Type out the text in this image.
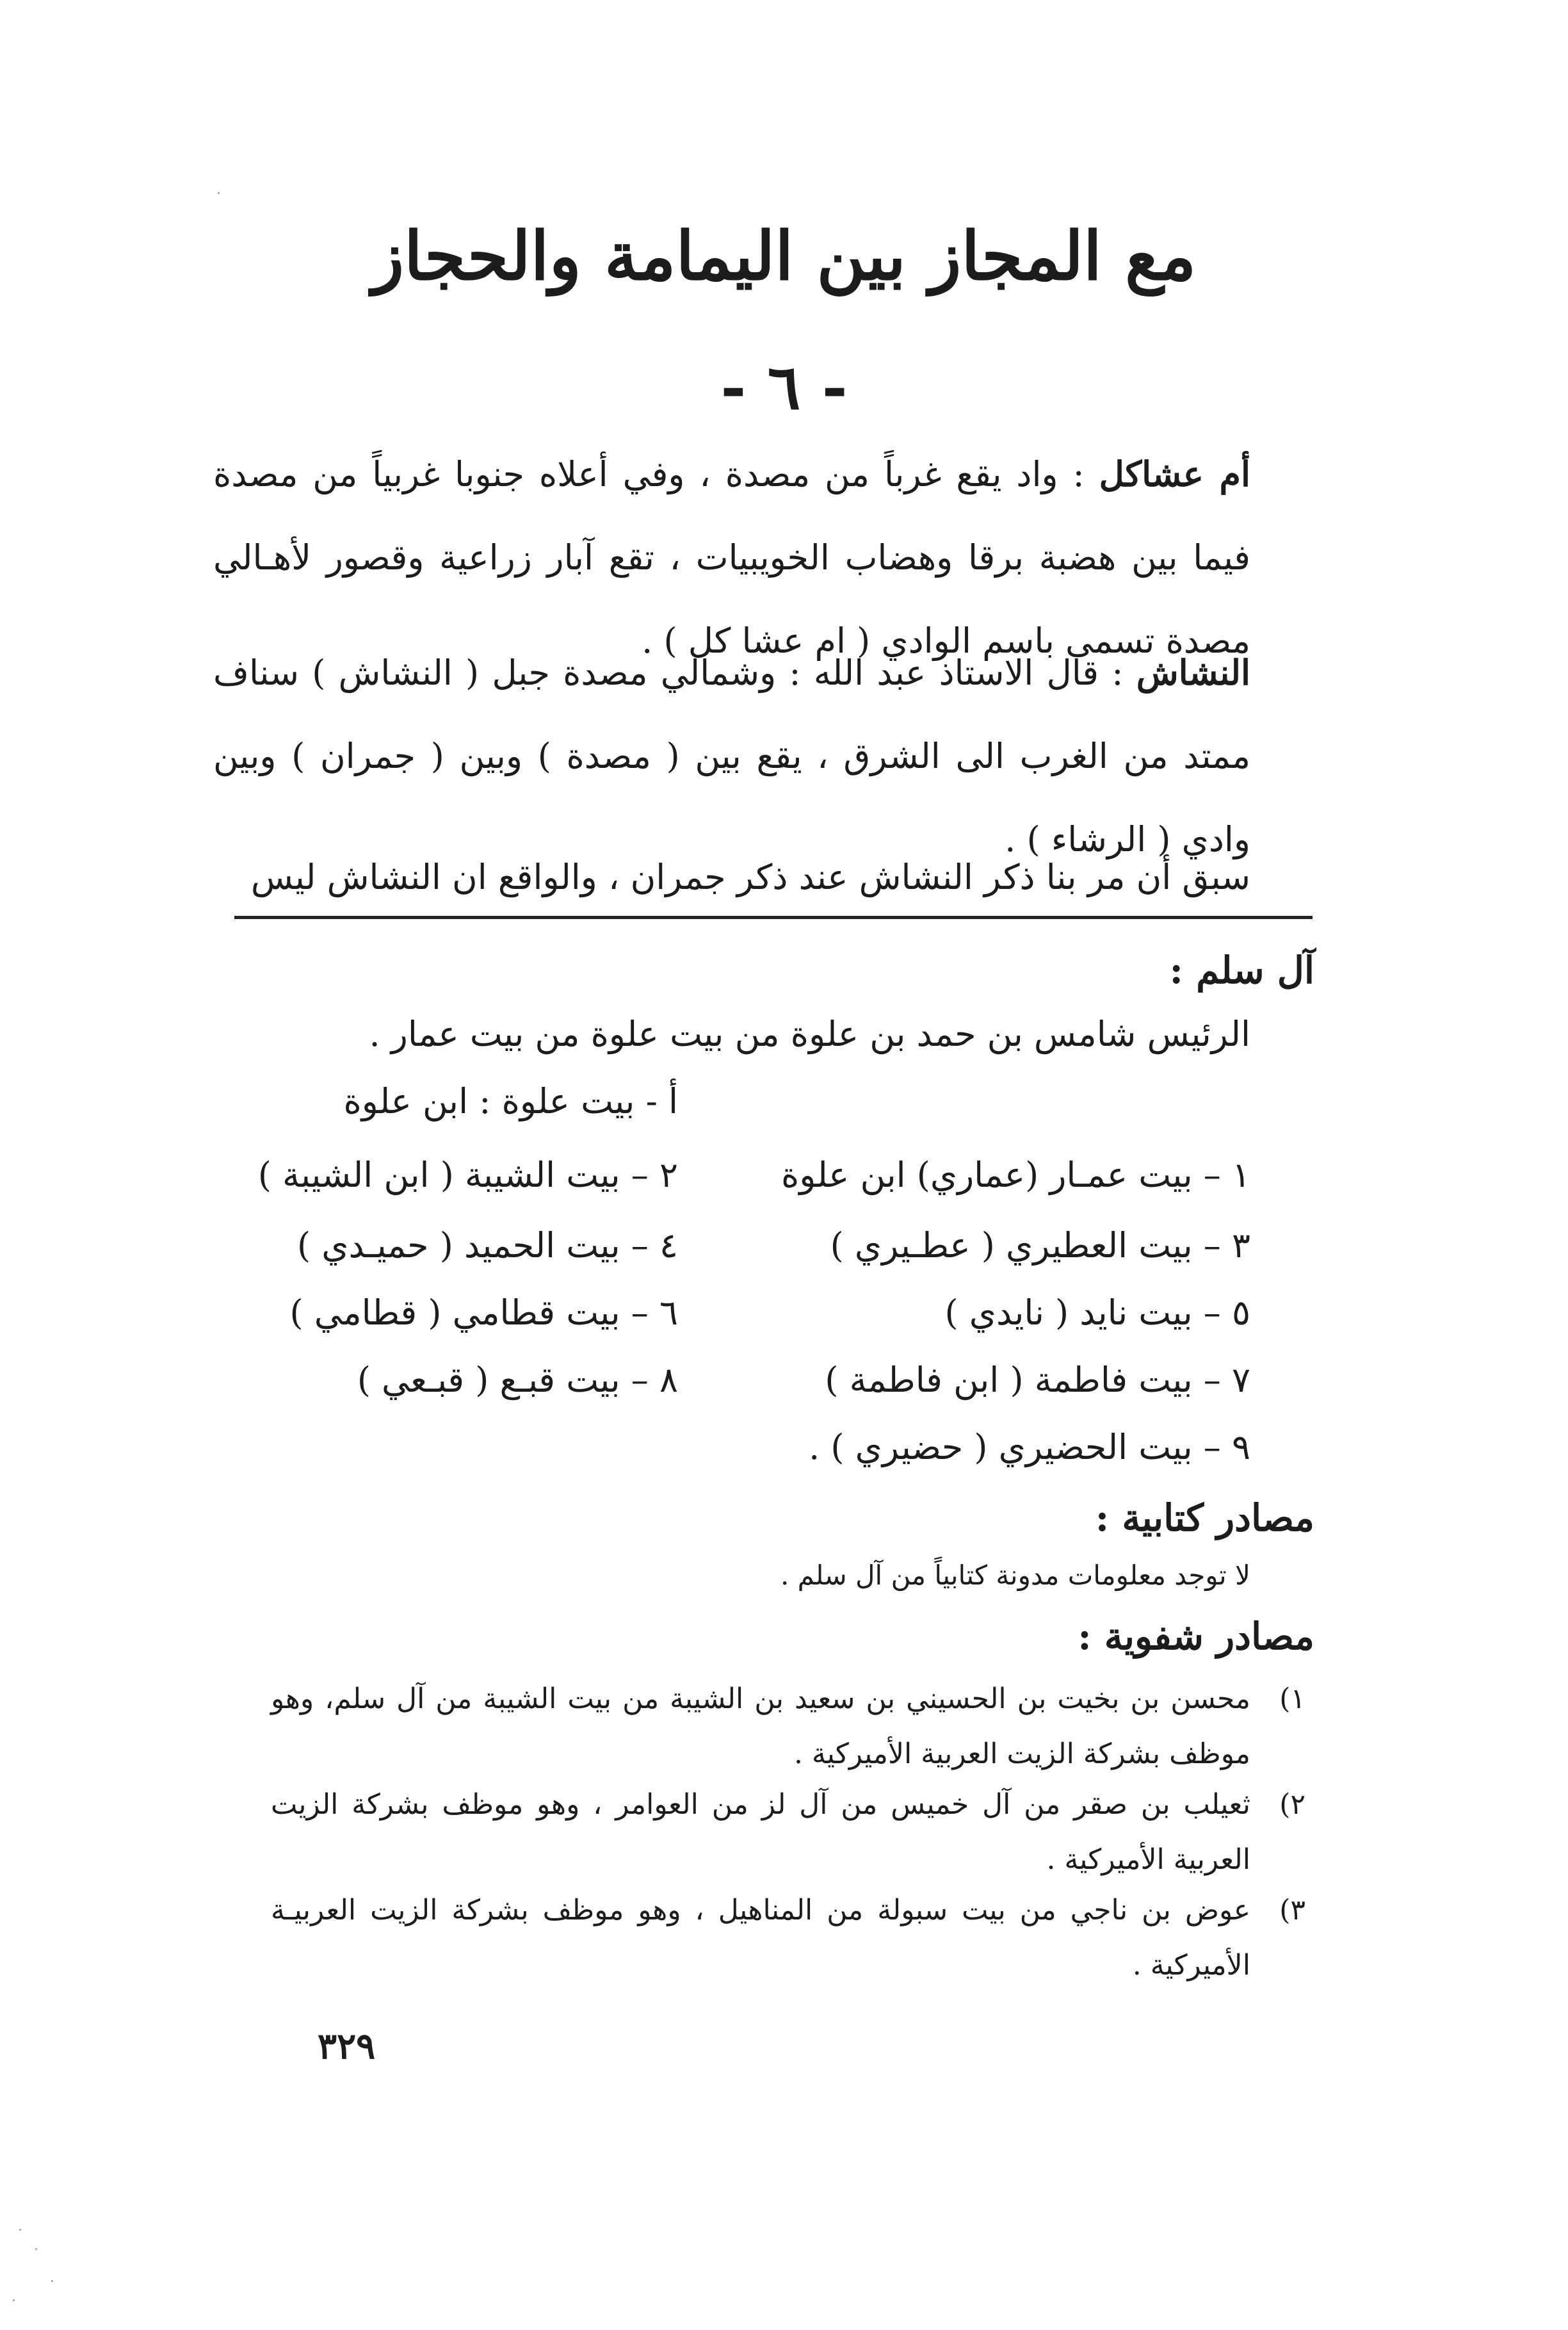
مع المجاز بين اليمامة والحجاز
- ٦ -
أم عشاكل : واد يقع غرباً من مصدة ، وفي أعلاه جنوبا غربياً من مصدة فيما بين هضبة برقا وهضاب الخويبيات ، تقع آبار زراعية وقصور لأهـالي مصدة تسمى باسم الوادي ( ام عشا كل ) .
النشاش : قال الاستاذ عبد الله : وشمالي مصدة جبل ( النشاش ) سناف ممتد من الغرب الى الشرق ، يقع بين ( مصدة ) وبين ( جمران ) وبين وادي ( الرشاء ) .
سبق أن مر بنا ذكر النشاش عند ذكر جمران ، والواقع ان النشاش ليس
آل سلم :
الرئيس شامس بن حمد بن علوة من بيت علوة من بيت عمار .
أ - بيت علوة : ابن علوة
١ – بيت عمـار (عماري) ابن علوة
٢ – بيت الشيبة ( ابن الشيبة )
٣ – بيت العطيري ( عطـيري )
٤ – بيت الحميد ( حميـدي )
٥ – بيت نايد ( نايدي )
٦ – بيت قطامي ( قطامي )
٧ – بيت فاطمة ( ابن فاطمة )
٨ – بيت قبـع ( قبـعي )
٩ – بيت الحضيري ( حضيري ) .
مصادر كتابية :
لا توجد معلومات مدونة كتابياً من آل سلم .
مصادر شفوية :
١)
محسن بن بخيت بن الحسيني بن سعيد بن الشيبة من بيت الشيبة من آل سلم، وهو موظف بشركة الزيت العربية الأميركية .
٢)
ثعيلب بن صقر من آل خميس من آل لز من العوامر ، وهو موظف بشركة الزيت العربية الأميركية .
٣)
عوض بن ناجي من بيت سبولة من المناهيل ، وهو موظف بشركة الزيت العربيـة الأميركية .
٣٢٩
